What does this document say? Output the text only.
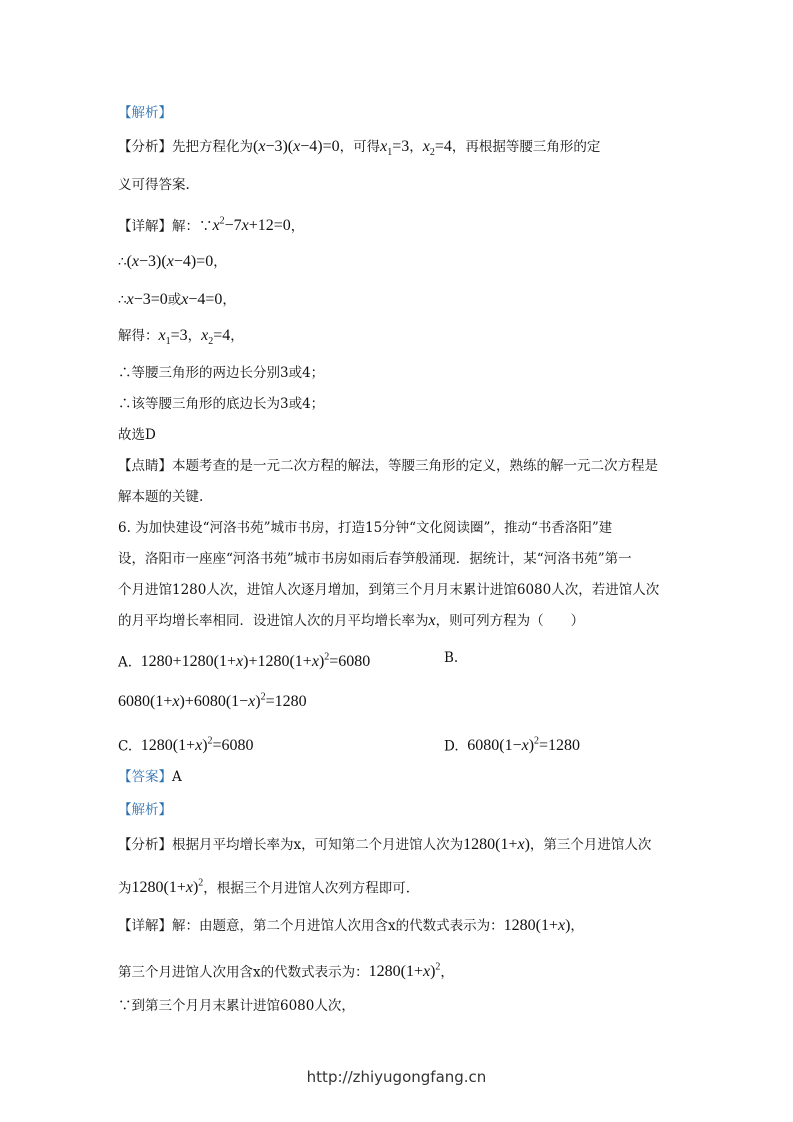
【解析】
【分析】先把方程化为(x−3)(x−4)=0，可得$x_1=3$，$x_2=4$，再根据等腰三角形的定
义可得答案.
【详解】解：$\because x^2-7x+12=0$，
∴(x−3)(x−4)=0，
∴x−3=0或x−4=0，
解得：$x_1=3$，$x_2=4$，
∴等腰三角形的两边长分别3或4；
∴该等腰三角形的底边长为3或4；
故选D
【点睛】本题考查的是一元二次方程的解法，等腰三角形的定义，熟练的解一元二次方程是
解本题的关键.
6. 为加快建设“河洛书苑”城市书房，打造15分钟“文化阅读圈”，推动“书香洛阳”建
设，洛阳市一座座“河洛书苑”城市书房如雨后春笋般涌现．据统计，某“河洛书苑”第一
个月进馆1280人次，进馆人次逐月增加，到第三个月月末累计进馆6080人次，若进馆人次
的月平均增长率相同．设进馆人次的月平均增长率为x，则可列方程为（　　）
A. $1280+1280(1+x)+1280(1+x)^2=6080$	B.
$6080(1+x)+6080(1-x)^2=1280$
C. $1280(1+x)^2=6080$	D. $6080(1-x)^2=1280$
【答案】A
【解析】
【分析】根据月平均增长率为x，可知第二个月进馆人次为1280(1+x)，第三个月进馆人次
为$1280(1+x)^2$，根据三个月进馆人次列方程即可.
【详解】解：由题意，第二个月进馆人次用含x的代数式表示为：1280(1+x)，
第三个月进馆人次用含x的代数式表示为：$1280(1+x)^2$，
∵到第三个月月末累计进馆6080人次，
http://zhiyugongfang.cn
